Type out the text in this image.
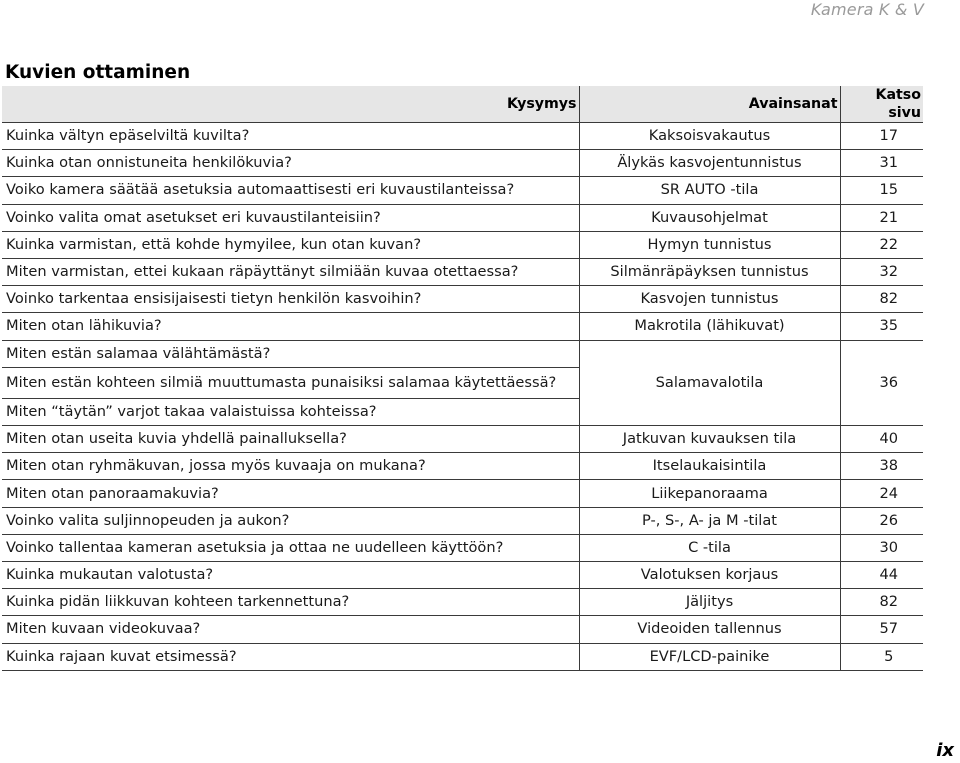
Kamera K & V
Kuvien ottaminen
Kysymys	Avainsanat	Katso sivu
Kuinka vältyn epäselviltä kuvilta?	Kaksoisvakautus	17
Kuinka otan onnistuneita henkilökuvia?	Älykäs kasvojentunnistus	31
Voiko kamera säätää asetuksia automaattisesti eri kuvaustilanteissa?	SR AUTO -tila	15
Voinko valita omat asetukset eri kuvaustilanteisiin?	Kuvausohjelmat	21
Kuinka varmistan, että kohde hymyilee, kun otan kuvan?	Hymyn tunnistus	22
Miten varmistan, ettei kukaan räpäyttänyt silmiään kuvaa otettaessa?	Silmänräpäyksen tunnistus	32
Voinko tarkentaa ensisijaisesti tietyn henkilön kasvoihin?	Kasvojen tunnistus	82
Miten otan lähikuvia?	Makrotila (lähikuvat)	35
Miten estän salamaa välähtämästä?	Salamavalotila	36
Miten estän kohteen silmiä muuttumasta punaisiksi salamaa käytettäessä?		
Miten “täytän” varjot takaa valaistuissa kohteissa?		
Miten otan useita kuvia yhdellä painalluksella?	Jatkuvan kuvauksen tila	40
Miten otan ryhmäkuvan, jossa myös kuvaaja on mukana?	Itselaukaisintila	38
Miten otan panoraamakuvia?	Liikepanoraama	24
Voinko valita suljinnopeuden ja aukon?	P-, S-, A- ja M -tilat	26
Voinko tallentaa kameran asetuksia ja ottaa ne uudelleen käyttöön?	C -tila	30
Kuinka mukautan valotusta?	Valotuksen korjaus	44
Kuinka pidän liikkuvan kohteen tarkennettuna?	Jäljitys	82
Miten kuvaan videokuvaa?	Videoiden tallennus	57
Kuinka rajaan kuvat etsimessä?	EVF/LCD-painike	5
ix
